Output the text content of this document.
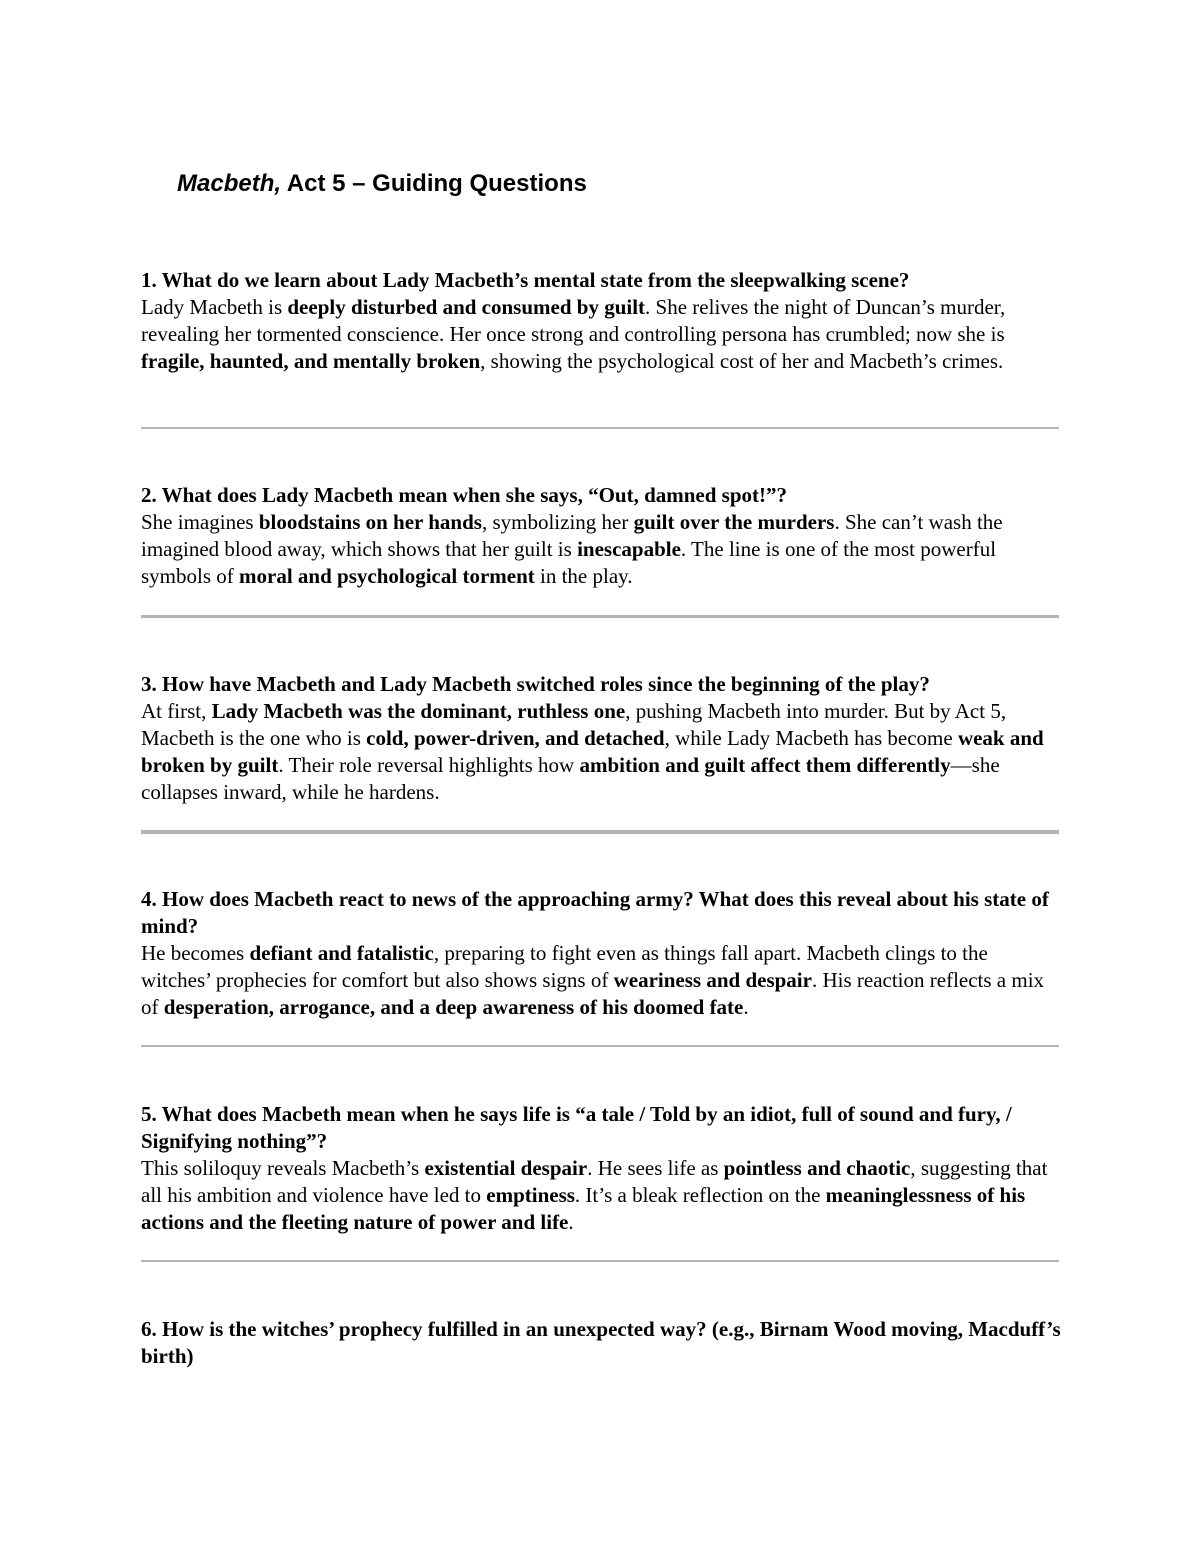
Macbeth, Act 5 – Guiding Questions
1. What do we learn about Lady Macbeth’s mental state from the sleepwalking scene?
Lady Macbeth is deeply disturbed and consumed by guilt. She relives the night of Duncan’s murder, revealing her tormented conscience. Her once strong and controlling persona has crumbled; now she is fragile, haunted, and mentally broken, showing the psychological cost of her and Macbeth’s crimes.
2. What does Lady Macbeth mean when she says, “Out, damned spot!”?
She imagines bloodstains on her hands, symbolizing her guilt over the murders. She can’t wash the imagined blood away, which shows that her guilt is inescapable. The line is one of the most powerful symbols of moral and psychological torment in the play.
3. How have Macbeth and Lady Macbeth switched roles since the beginning of the play?
At first, Lady Macbeth was the dominant, ruthless one, pushing Macbeth into murder. But by Act 5, Macbeth is the one who is cold, power-driven, and detached, while Lady Macbeth has become weak and broken by guilt. Their role reversal highlights how ambition and guilt affect them differently—she collapses inward, while he hardens.
4. How does Macbeth react to news of the approaching army? What does this reveal about his state of mind?
He becomes defiant and fatalistic, preparing to fight even as things fall apart. Macbeth clings to the witches’ prophecies for comfort but also shows signs of weariness and despair. His reaction reflects a mix of desperation, arrogance, and a deep awareness of his doomed fate.
5. What does Macbeth mean when he says life is “a tale / Told by an idiot, full of sound and fury, / Signifying nothing”?
This soliloquy reveals Macbeth’s existential despair. He sees life as pointless and chaotic, suggesting that all his ambition and violence have led to emptiness. It’s a bleak reflection on the meaninglessness of his actions and the fleeting nature of power and life.
6. How is the witches’ prophecy fulfilled in an unexpected way? (e.g., Birnam Wood moving, Macduff’s birth)
